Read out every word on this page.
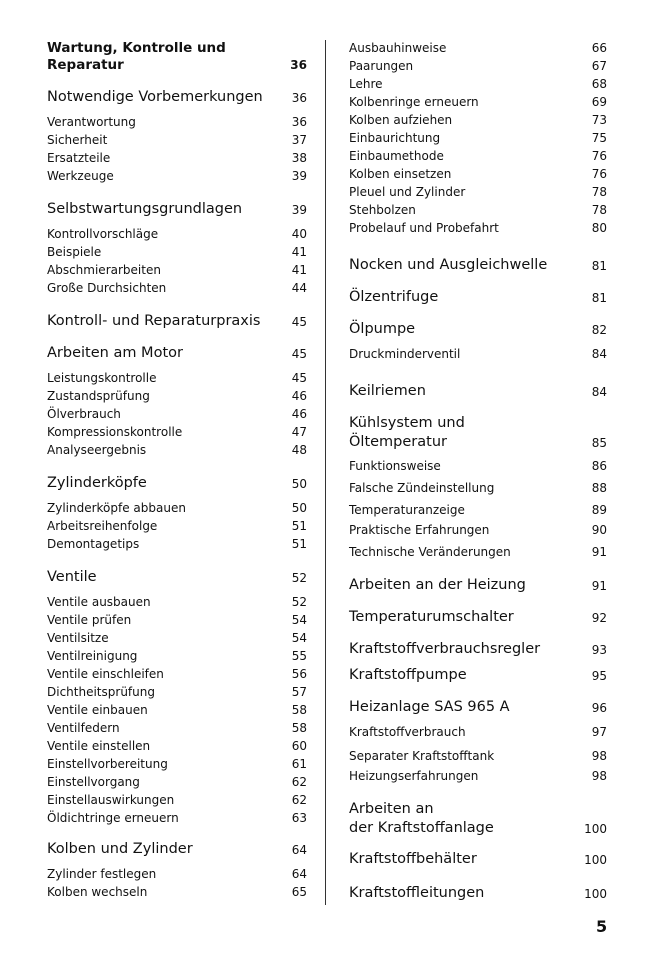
Wartung, Kontrolle und
Reparatur	36
Notwendige Vorbemerkungen	36
Verantwortung	36
Sicherheit	37
Ersatzteile	38
Werkzeuge	39
Selbstwartungsgrundlagen	39
Kontrollvorschläge	40
Beispiele	41
Abschmierarbeiten	41
Große Durchsichten	44
Kontroll- und Reparaturpraxis	45
Arbeiten am Motor	45
Leistungskontrolle	45
Zustandsprüfung	46
Ölverbrauch	46
Kompressionskontrolle	47
Analyseergebnis	48
Zylinderköpfe	50
Zylinderköpfe abbauen	50
Arbeitsreihenfolge	51
Demontagetips	51
Ventile	52
Ventile ausbauen	52
Ventile prüfen	54
Ventilsitze	54
Ventilreinigung	55
Ventile einschleifen	56
Dichtheitsprüfung	57
Ventile einbauen	58
Ventilfedern	58
Ventile einstellen	60
Einstellvorbereitung	61
Einstellvorgang	62
Einstellauswirkungen	62
Öldichtringe erneuern	63
Kolben und Zylinder	64
Zylinder festlegen	64
Kolben wechseln	65
Ausbauhinweise	66
Paarungen	67
Lehre	68
Kolbenringe erneuern	69
Kolben aufziehen	73
Einbaurichtung	75
Einbaumethode	76
Kolben einsetzen	76
Pleuel und Zylinder	78
Stehbolzen	78
Probelauf und Probefahrt	80
Nocken und Ausgleichwelle	81
Ölzentrifuge	81
Ölpumpe	82
Druckminderventil	84
Keilriemen	84
Kühlsystem und
Öltemperatur	85
Funktionsweise	86
Falsche Zündeinstellung	88
Temperaturanzeige	89
Praktische Erfahrungen	90
Technische Veränderungen	91
Arbeiten an der Heizung	91
Temperaturumschalter	92
Kraftstoffverbrauchsregler	93
Kraftstoffpumpe	95
Heizanlage SAS 965 A	96
Kraftstoffverbrauch	97
Separater Kraftstofftank	98
Heizungserfahrungen	98
Arbeiten an
der Kraftstoffanlage	100
Kraftstoffbehälter	100
Kraftstoffleitungen	100
5
